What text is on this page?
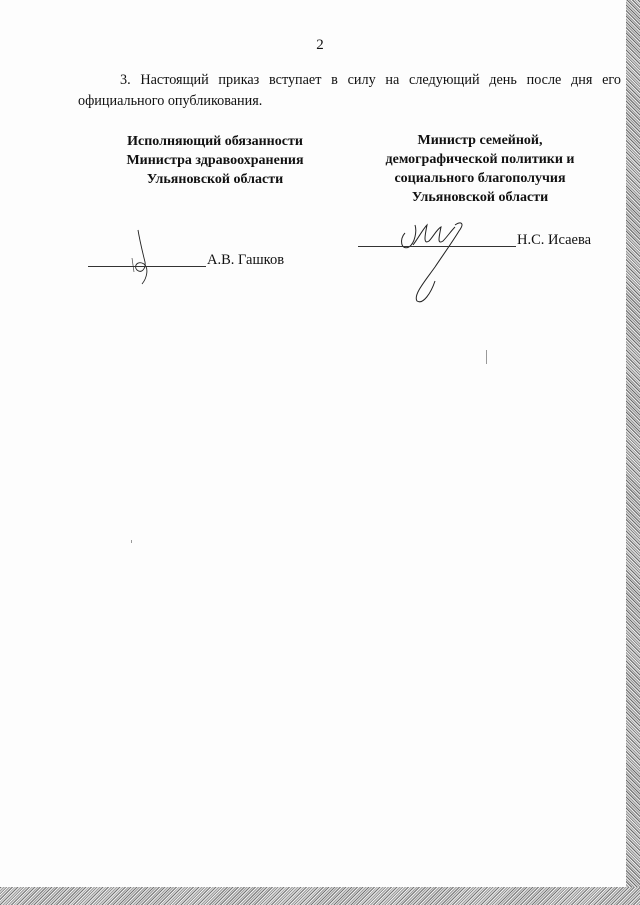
2
3. Настоящий приказ вступает в силу на следующий день после дня его официального опубликования.
Исполняющий обязанности
Министра здравоохранения
Ульяновской области
А.В. Гашков
Министр семейной,
демографической политики и
социального благополучия
Ульяновской области
Н.С. Исаева
